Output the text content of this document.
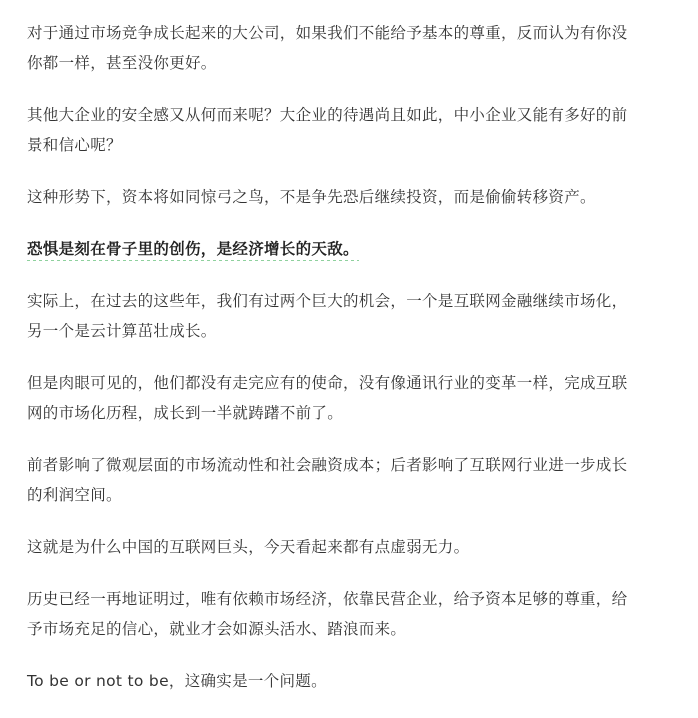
对于通过市场竞争成长起来的大公司，如果我们不能给予基本的尊重，反而认为有你没
你都一样，甚至没你更好。

其他大企业的安全感又从何而来呢？大企业的待遇尚且如此，中小企业又能有多好的前
景和信心呢？

这种形势下，资本将如同惊弓之鸟，不是争先恐后继续投资，而是偷偷转移资产。

恐惧是刻在骨子里的创伤，是经济增长的天敌。

实际上，在过去的这些年，我们有过两个巨大的机会，一个是互联网金融继续市场化，
另一个是云计算茁壮成长。

但是肉眼可见的，他们都没有走完应有的使命，没有像通讯行业的变革一样，完成互联
网的市场化历程，成长到一半就踌躇不前了。

前者影响了微观层面的市场流动性和社会融资成本；后者影响了互联网行业进一步成长
的利润空间。

这就是为什么中国的互联网巨头，今天看起来都有点虚弱无力。

历史已经一再地证明过，唯有依赖市场经济，依靠民营企业，给予资本足够的尊重，给
予市场充足的信心，就业才会如源头活水、踏浪而来。

To be or not to be，这确实是一个问题。
